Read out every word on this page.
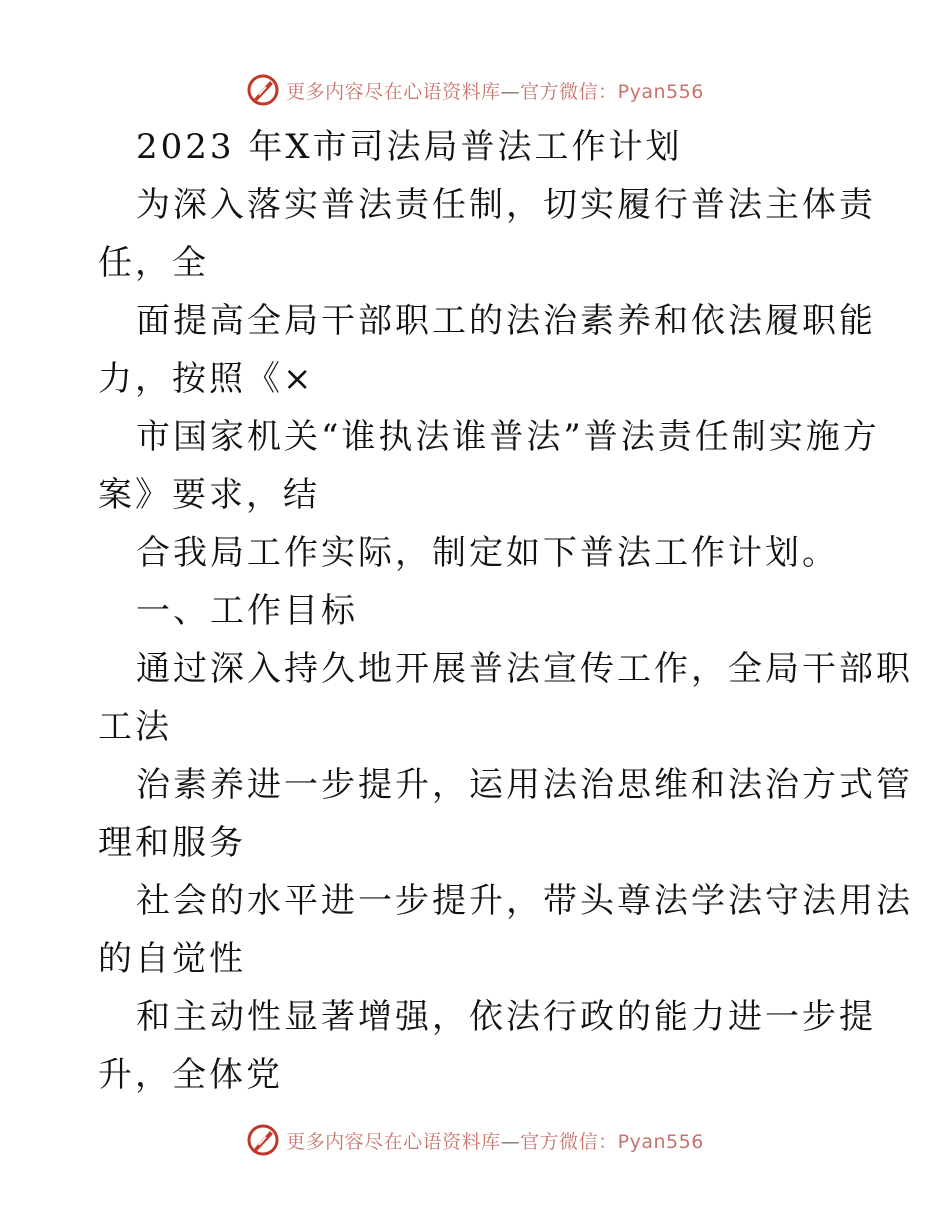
更多内容尽在心语资料库—官方微信：Pyan556
2023 年X市司法局普法工作计划
为深入落实普法责任制，切实履行普法主体责
任，全
面提高全局干部职工的法治素养和依法履职能
力，按照《×
市国家机关“谁执法谁普法”普法责任制实施方
案》要求，结
合我局工作实际，制定如下普法工作计划。
一、工作目标
通过深入持久地开展普法宣传工作，全局干部职
工法
治素养进一步提升，运用法治思维和法治方式管
理和服务
社会的水平进一步提升，带头尊法学法守法用法
的自觉性
和主动性显著增强，依法行政的能力进一步提
升，全体党
更多内容尽在心语资料库—官方微信：Pyan556
